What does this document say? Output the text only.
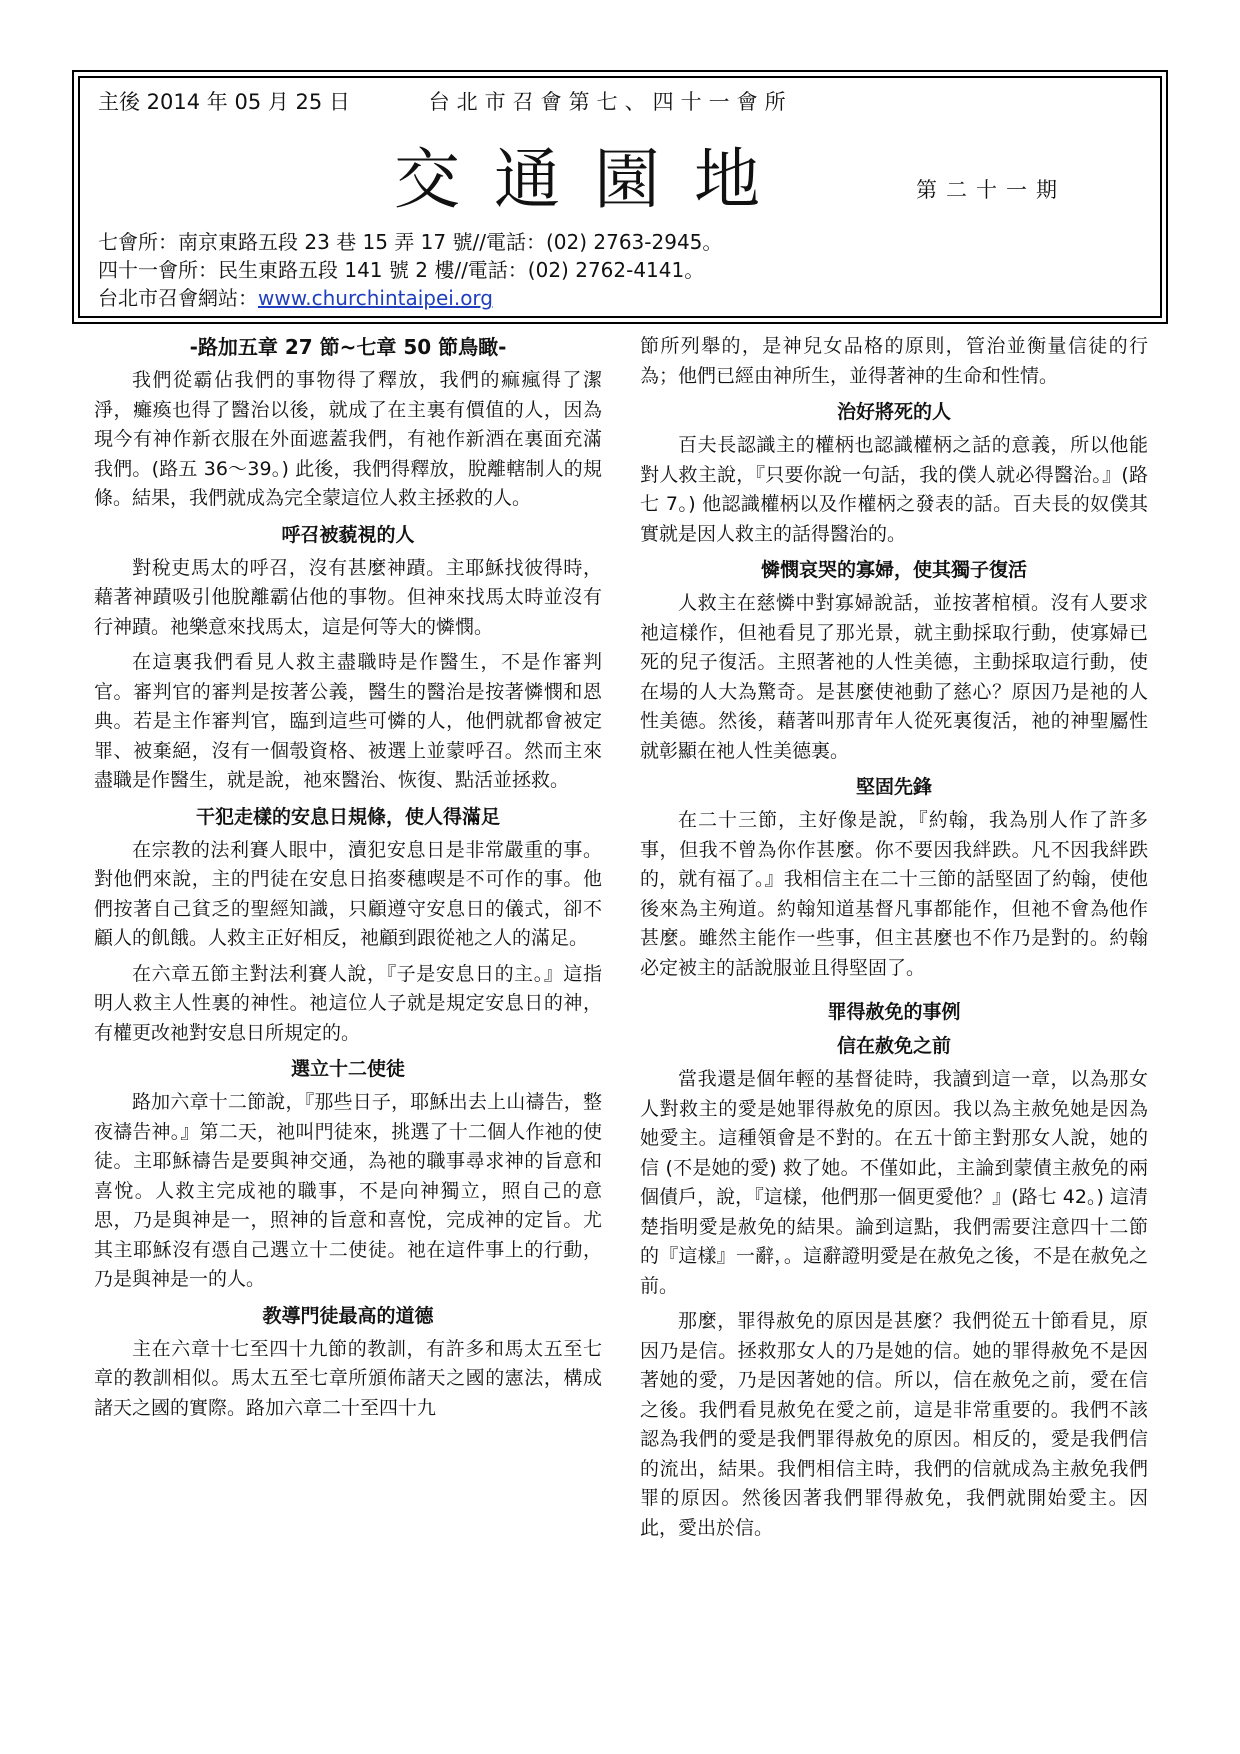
主後 2014 年 05 月 25 日	台北市召會第七、四十一會所
交通園地	第二十一期
七會所：南京東路五段 23 巷 15 弄 17 號//電話：(02) 2763-2945。
四十一會所：民生東路五段 141 號 2 樓//電話：(02) 2762-4141。
台北市召會網站：www.churchintaipei.org
-路加五章 27 節~七章 50 節鳥瞰-

我們從霸佔我們的事物得了釋放，我們的痲瘋得了潔淨，癱瘓也得了醫治以後，就成了在主裏有價值的人，因為現今有神作新衣服在外面遮蓋我們，有祂作新酒在裏面充滿我們。(路五 36～39。) 此後，我們得釋放，脫離轄制人的規條。結果，我們就成為完全蒙這位人救主拯救的人。

呼召被藐視的人

對稅吏馬太的呼召，沒有甚麼神蹟。主耶穌找彼得時，藉著神蹟吸引他脫離霸佔他的事物。但神來找馬太時並沒有行神蹟。祂樂意來找馬太，這是何等大的憐憫。

在這裏我們看見人救主盡職時是作醫生，不是作審判官。審判官的審判是按著公義，醫生的醫治是按著憐憫和恩典。若是主作審判官，臨到這些可憐的人，他們就都會被定罪、被棄絕，沒有一個彀資格、被選上並蒙呼召。然而主來盡職是作醫生，就是說，祂來醫治、恢復、點活並拯救。

干犯走樣的安息日規條，使人得滿足

在宗教的法利賽人眼中，瀆犯安息日是非常嚴重的事。對他們來說，主的門徒在安息日掐麥穗喫是不可作的事。他們按著自己貧乏的聖經知識，只顧遵守安息日的儀式，卻不顧人的飢餓。人救主正好相反，祂顧到跟從祂之人的滿足。

在六章五節主對法利賽人說，『子是安息日的主。』這指明人救主人性裏的神性。祂這位人子就是規定安息日的神，有權更改祂對安息日所規定的。

選立十二使徒

路加六章十二節說，『那些日子，耶穌出去上山禱告，整夜禱告神。』第二天，祂叫門徒來，挑選了十二個人作祂的使徒。主耶穌禱告是要與神交通，為祂的職事尋求神的旨意和喜悅。人救主完成祂的職事，不是向神獨立，照自己的意思，乃是與神是一，照神的旨意和喜悅，完成神的定旨。尤其主耶穌沒有憑自己選立十二使徒。祂在這件事上的行動，乃是與神是一的人。

教導門徒最高的道德

主在六章十七至四十九節的教訓，有許多和馬太五至七章的教訓相似。馬太五至七章所頒佈諸天之國的憲法，構成諸天之國的實際。路加六章二十至四十九

節所列舉的，是神兒女品格的原則，管治並衡量信徒的行為；他們已經由神所生，並得著神的生命和性情。

治好將死的人

百夫長認識主的權柄也認識權柄之話的意義，所以他能對人救主說，『只要你說一句話，我的僕人就必得醫治。』(路七 7。) 他認識權柄以及作權柄之發表的話。百夫長的奴僕其實就是因人救主的話得醫治的。

憐憫哀哭的寡婦，使其獨子復活

人救主在慈憐中對寡婦說話，並按著棺槓。沒有人要求祂這樣作，但祂看見了那光景，就主動採取行動，使寡婦已死的兒子復活。主照著祂的人性美德，主動採取這行動，使在場的人大為驚奇。是甚麼使祂動了慈心？原因乃是祂的人性美德。然後，藉著叫那青年人從死裏復活，祂的神聖屬性就彰顯在祂人性美德裏。

堅固先鋒

在二十三節，主好像是說，『約翰，我為別人作了許多事，但我不曾為你作甚麼。你不要因我絆跌。凡不因我絆跌的，就有福了。』我相信主在二十三節的話堅固了約翰，使他後來為主殉道。約翰知道基督凡事都能作，但祂不會為他作甚麼。雖然主能作一些事，但主甚麼也不作乃是對的。約翰必定被主的話說服並且得堅固了。

罪得赦免的事例
信在赦免之前

當我還是個年輕的基督徒時，我讀到這一章，以為那女人對救主的愛是她罪得赦免的原因。我以為主赦免她是因為她愛主。這種領會是不對的。在五十節主對那女人說，她的信 (不是她的愛) 救了她。不僅如此，主論到蒙債主赦免的兩個債戶，說，『這樣，他們那一個更愛他？』(路七 42。) 這清楚指明愛是赦免的結果。論到這點，我們需要注意四十二節的『這樣』一辭，。這辭證明愛是在赦免之後，不是在赦免之前。

那麼，罪得赦免的原因是甚麼？我們從五十節看見，原因乃是信。拯救那女人的乃是她的信。她的罪得赦免不是因著她的愛，乃是因著她的信。所以，信在赦免之前，愛在信之後。我們看見赦免在愛之前，這是非常重要的。我們不該認為我們的愛是我們罪得赦免的原因。相反的，愛是我們信的流出，結果。我們相信主時，我們的信就成為主赦免我們罪的原因。然後因著我們罪得赦免，我們就開始愛主。因此，愛出於信。
